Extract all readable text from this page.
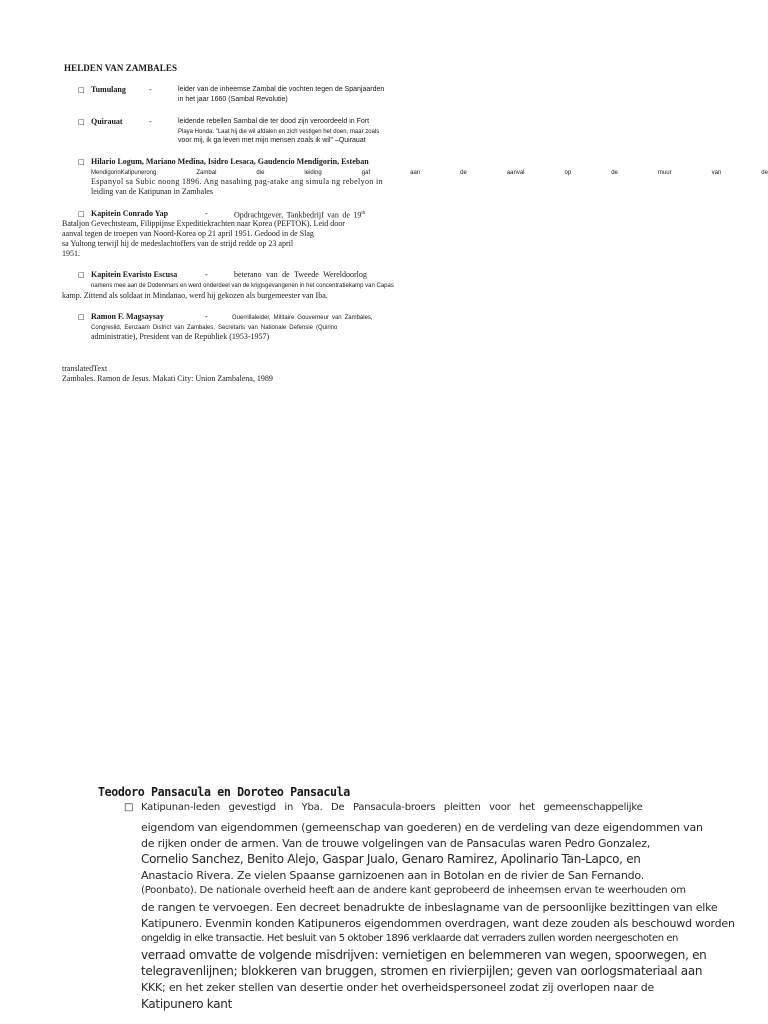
HELDEN VAN ZAMBALES
□ Tumulang	-	leider van de inheemse Zambal die vochten tegen de Spanjaarden
in het jaar 1660 (Sambal Revolutie)
□ Quirauat	-	leidende rebellen Sambal die ter dood zijn veroordeeld in Fort
Playa Honda. "Laat hij die wil afdalen en zich vestigen het doen, maar zoals
voor mij, ik ga leven met mijn mensen zoals ik wil" –Quirauat
□ Hilario Logum, Mariano Medina, Isidro Lesaca, Gaudencio Mendigorin, Esteban
MendigorinKatipunerong	Zambal	die	leiding	gaf	aan	de	aanval	op	de	muur	van	de
Espanyol sa Subic noong 1896. Ang nasabing pag-atake ang simula ng rebelyon in
leiding van de Katipunan in Zambales
□ Kapitein Conrado Yap	-	Opdrachtgever, Tankbedrijf van de 19th
Bataljon Gevechtsteam, Filippijnse Expeditiekrachten naar Korea (PEFTOK). Leid door
aanval tegen de troepen van Noord-Korea op 21 april 1951. Gedood in de Slag
sa Yultong terwijl hij de medeslachtoffers van de strijd redde op 23 april
1951.
□ Kapitein Evaristo Escusa	-	beterano van de Tweede Wereldoorlog
namens mee aan de Dodenmars en werd onderdeel van de krijgsgevangenen in het concentratiekamp van Capas
kamp. Zittend als soldaat in Mindanao, werd hij gekozen als burgemeester van Iba.
□ Ramon F. Magsaysay	-	Guerrillaleider, Militaire Gouverneur van Zambales,
Congreslid, Eenzaam District van Zambales, Secretaris van Nationale Defensie (Quirino
administratie), President van de Republiek (1953-1957)
translatedText
Zambales. Ramon de Jesus. Makati City: Union Zambalena, 1989
Teodoro Pansacula en Doroteo Pansacula
□ Katipunan-leden gevestigd in Yba. De Pansacula-broers pleitten voor het gemeenschappelijke
eigendom van eigendommen (gemeenschap van goederen) en de verdeling van deze eigendommen van
de rijken onder de armen. Van de trouwe volgelingen van de Pansaculas waren Pedro Gonzalez,
Cornelio Sanchez, Benito Alejo, Gaspar Jualo, Genaro Ramirez, Apolinario Tan-Lapco, en
Anastacio Rivera. Ze vielen Spaanse garnizoenen aan in Botolan en de rivier de San Fernando.
(Poonbato). De nationale overheid heeft aan de andere kant geprobeerd de inheemsen ervan te weerhouden om
de rangen te vervoegen. Een decreet benadrukte de inbeslagname van de persoonlijke bezittingen van elke
Katipunero. Evenmin konden Katipuneros eigendommen overdragen, want deze zouden als beschouwd worden
ongeldig in elke transactie. Het besluit van 5 oktober 1896 verklaarde dat verraders zullen worden neergeschoten en
verraad omvatte de volgende misdrijven: vernietigen en belemmeren van wegen, spoorwegen, en
telegravenlijnen; blokkeren van bruggen, stromen en rivierpijlen; geven van oorlogsmateriaal aan
KKK; en het zeker stellen van desertie onder het overheidspersoneel zodat zij overlopen naar de
Katipunero kant
